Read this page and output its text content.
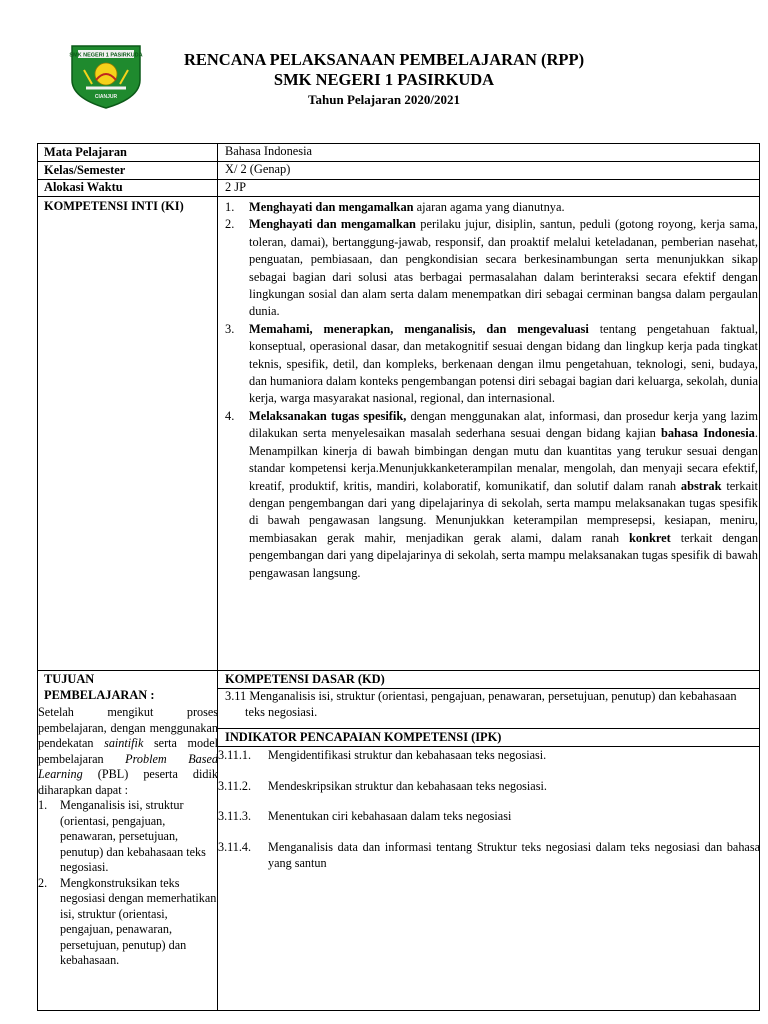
SMK NEGERI 1 PASIRKUDA
CIANJUR
RENCANA PELAKSANAAN PEMBELAJARAN (RPP)
SMK NEGERI 1 PASIRKUDA
Tahun Pelajaran 2020/2021
Mata Pelajaran	Bahasa Indonesia
Kelas/Semester	X/ 2 (Genap)
Alokasi Waktu	2 JP
KOMPETENSI INTI (KI)	1. Menghayati dan mengamalkan ajaran agama yang dianutnya.
2. Menghayati dan mengamalkan perilaku jujur, disiplin, santun, peduli (gotong royong, kerja sama, toleran, damai), bertanggung-jawab, responsif, dan proaktif melalui keteladanan, pemberian nasehat, penguatan, pembiasaan, dan pengkondisian secara berkesinambungan serta menunjukkan sikap sebagai bagian dari solusi atas berbagai permasalahan dalam berinteraksi secara efektif dengan lingkungan sosial dan alam serta dalam menempatkan diri sebagai cerminan bangsa dalam pergaulan dunia.
3. Memahami, menerapkan, menganalisis, dan mengevaluasi tentang pengetahuan faktual, konseptual, operasional dasar, dan metakognitif sesuai dengan bidang dan lingkup kerja pada tingkat teknis, spesifik, detil, dan kompleks, berkenaan dengan ilmu pengetahuan, teknologi, seni, budaya, dan humaniora dalam konteks pengembangan potensi diri sebagai bagian dari keluarga, sekolah, dunia kerja, warga masyarakat nasional, regional, dan internasional.
4. Melaksanakan tugas spesifik, dengan menggunakan alat, informasi, dan prosedur kerja yang lazim dilakukan serta menyelesaikan masalah sederhana sesuai dengan bidang kajian bahasa Indonesia. Menampilkan kinerja di bawah bimbingan dengan mutu dan kuantitas yang terukur sesuai dengan standar kompetensi kerja.Menunjukkanketerampilan menalar, mengolah, dan menyaji secara efektif, kreatif, produktif, kritis, mandiri, kolaboratif, komunikatif, dan solutif dalam ranah abstrak terkait dengan pengembangan dari yang dipelajarinya di sekolah, serta mampu melaksanakan tugas spesifik di bawah pengawasan langsung. Menunjukkan keterampilan mempresepsi, kesiapan, meniru, membiasakan gerak mahir, menjadikan gerak alami, dalam ranah konkret terkait dengan pengembangan dari yang dipelajarinya di sekolah, serta mampu melaksanakan tugas spesifik di bawah pengawasan langsung.
TUJUAN
PEMBELAJARAN :
Setelah mengikut proses pembelajaran, dengan menggunakan pendekatan saintifik serta model pembelajaran Problem Based Learning (PBL) peserta didik diharapkan dapat :
1. Menganalisis isi, struktur (orientasi, pengajuan, penawaran, persetujuan, penutup) dan kebahasaan teks negosiasi.
2. Mengkonstruksikan teks negosiasi dengan memerhatikan isi, struktur (orientasi, pengajuan, penawaran, persetujuan, penutup) dan kebahasaan.
KOMPETENSI DASAR (KD)
3.11 Menganalisis isi, struktur (orientasi, pengajuan, penawaran, persetujuan, penutup) dan kebahasaan teks negosiasi.
INDIKATOR PENCAPAIAN KOMPETENSI (IPK)
3.11.1.	Mengidentifikasi struktur dan kebahasaan teks negosiasi.
3.11.2.	Mendeskripsikan struktur dan kebahasaan teks negosiasi.
3.11.3.	Menentukan ciri kebahasaan dalam teks negosiasi
3.11.4.	Menganalisis data dan informasi tentang Struktur teks negosiasi dalam teks negosiasi dan bahasa yang santun
